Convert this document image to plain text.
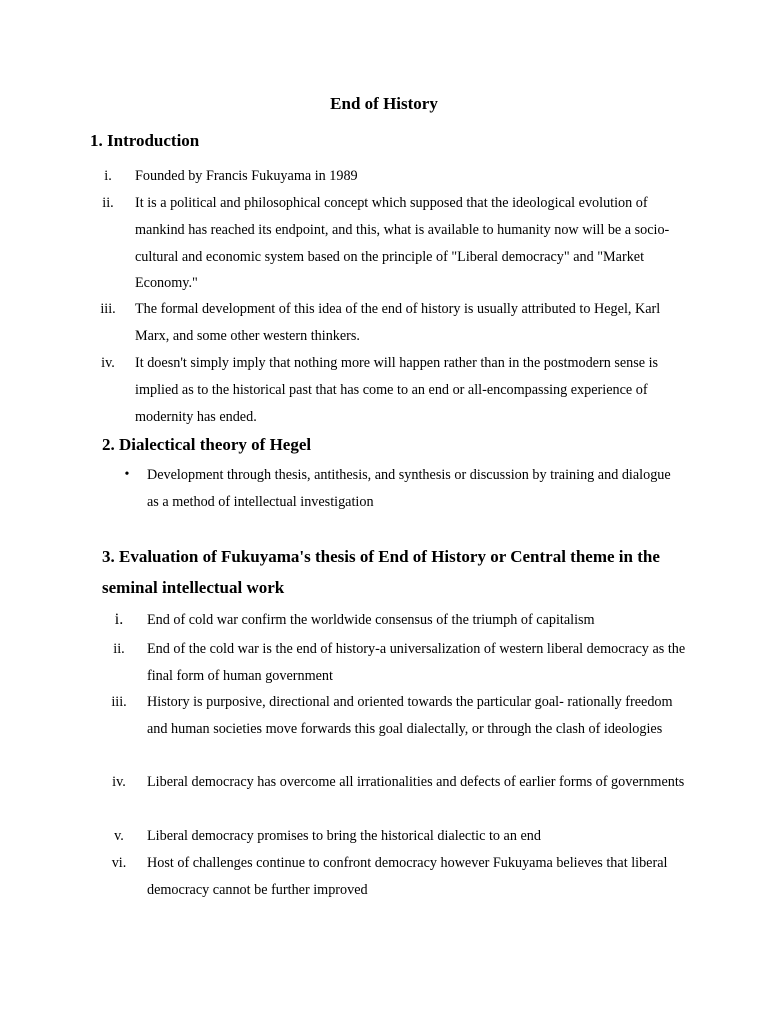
End of History
1. Introduction
i.	Founded by Francis Fukuyama in 1989
ii.	It is a political and philosophical concept which supposed that the ideological evolution of mankind has reached its endpoint, and this, what is available to humanity now will be a socio-cultural and economic system based on the principle of "Liberal democracy" and "Market Economy."
iii.	The formal development of this idea of the end of history is usually attributed to Hegel, Karl Marx, and some other western thinkers.
iv.	It doesn't simply imply that nothing more will happen rather than in the postmodern sense is implied as to the historical past that has come to an end or all-encompassing experience of modernity has ended.
2. Dialectical theory of Hegel
•	Development through thesis, antithesis, and synthesis or discussion by training and dialogue as a method of intellectual investigation
3. Evaluation of Fukuyama's thesis of End of History or Central theme in the seminal intellectual work
i.	End of cold war confirm the worldwide consensus of the triumph of capitalism
ii.	End of the cold war is the end of history-a universalization of western liberal democracy as the final form of human government
iii.	History is purposive, directional and oriented towards the particular goal- rationally freedom and human societies move forwards this goal dialectally, or through the clash of ideologies
iv.	Liberal democracy has overcome all irrationalities and defects of earlier forms of governments
v.	Liberal democracy promises to bring the historical dialectic to an end
vi.	Host of challenges continue to confront democracy however Fukuyama believes that liberal democracy cannot be further improved
